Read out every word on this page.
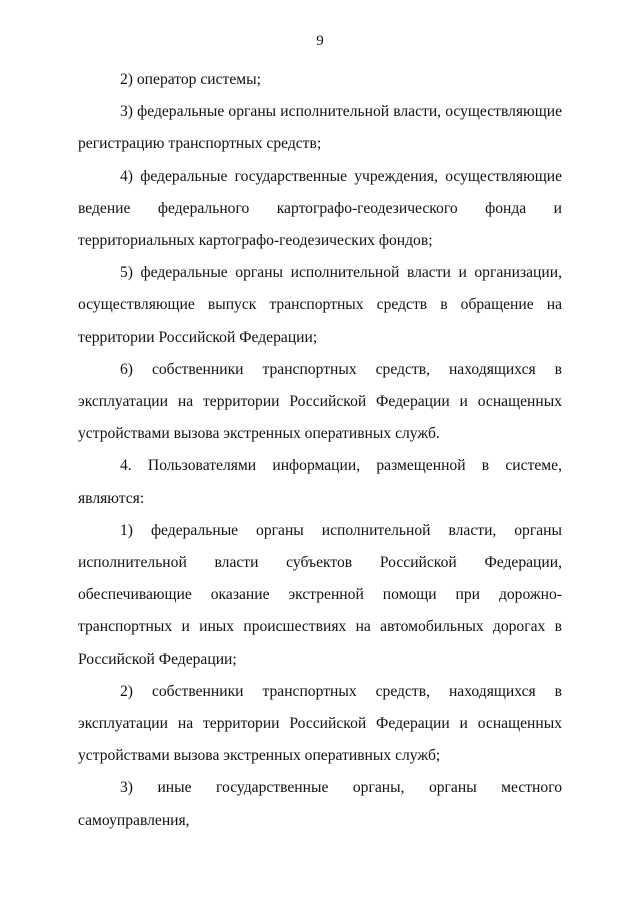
9

2) оператор системы;

3) федеральные органы исполнительной власти, осуществляющие регистрацию транспортных средств;

4) федеральные государственные учреждения, осуществляющие ведение федерального картографо-геодезического фонда и территориальных картографо-геодезических фондов;

5) федеральные органы исполнительной власти и организации, осуществляющие выпуск транспортных средств в обращение на территории Российской Федерации;

6) собственники транспортных средств, находящихся в эксплуатации на территории Российской Федерации и оснащенных устройствами вызова экстренных оперативных служб.

4. Пользователями информации, размещенной в системе, являются:

1) федеральные органы исполнительной власти, органы исполнительной власти субъектов Российской Федерации, обеспечивающие оказание экстренной помощи при дорожно-транспортных и иных происшествиях на автомобильных дорогах в Российской Федерации;

2) собственники транспортных средств, находящихся в эксплуатации на территории Российской Федерации и оснащенных устройствами вызова экстренных оперативных служб;

3) иные государственные органы, органы местного самоуправления,
